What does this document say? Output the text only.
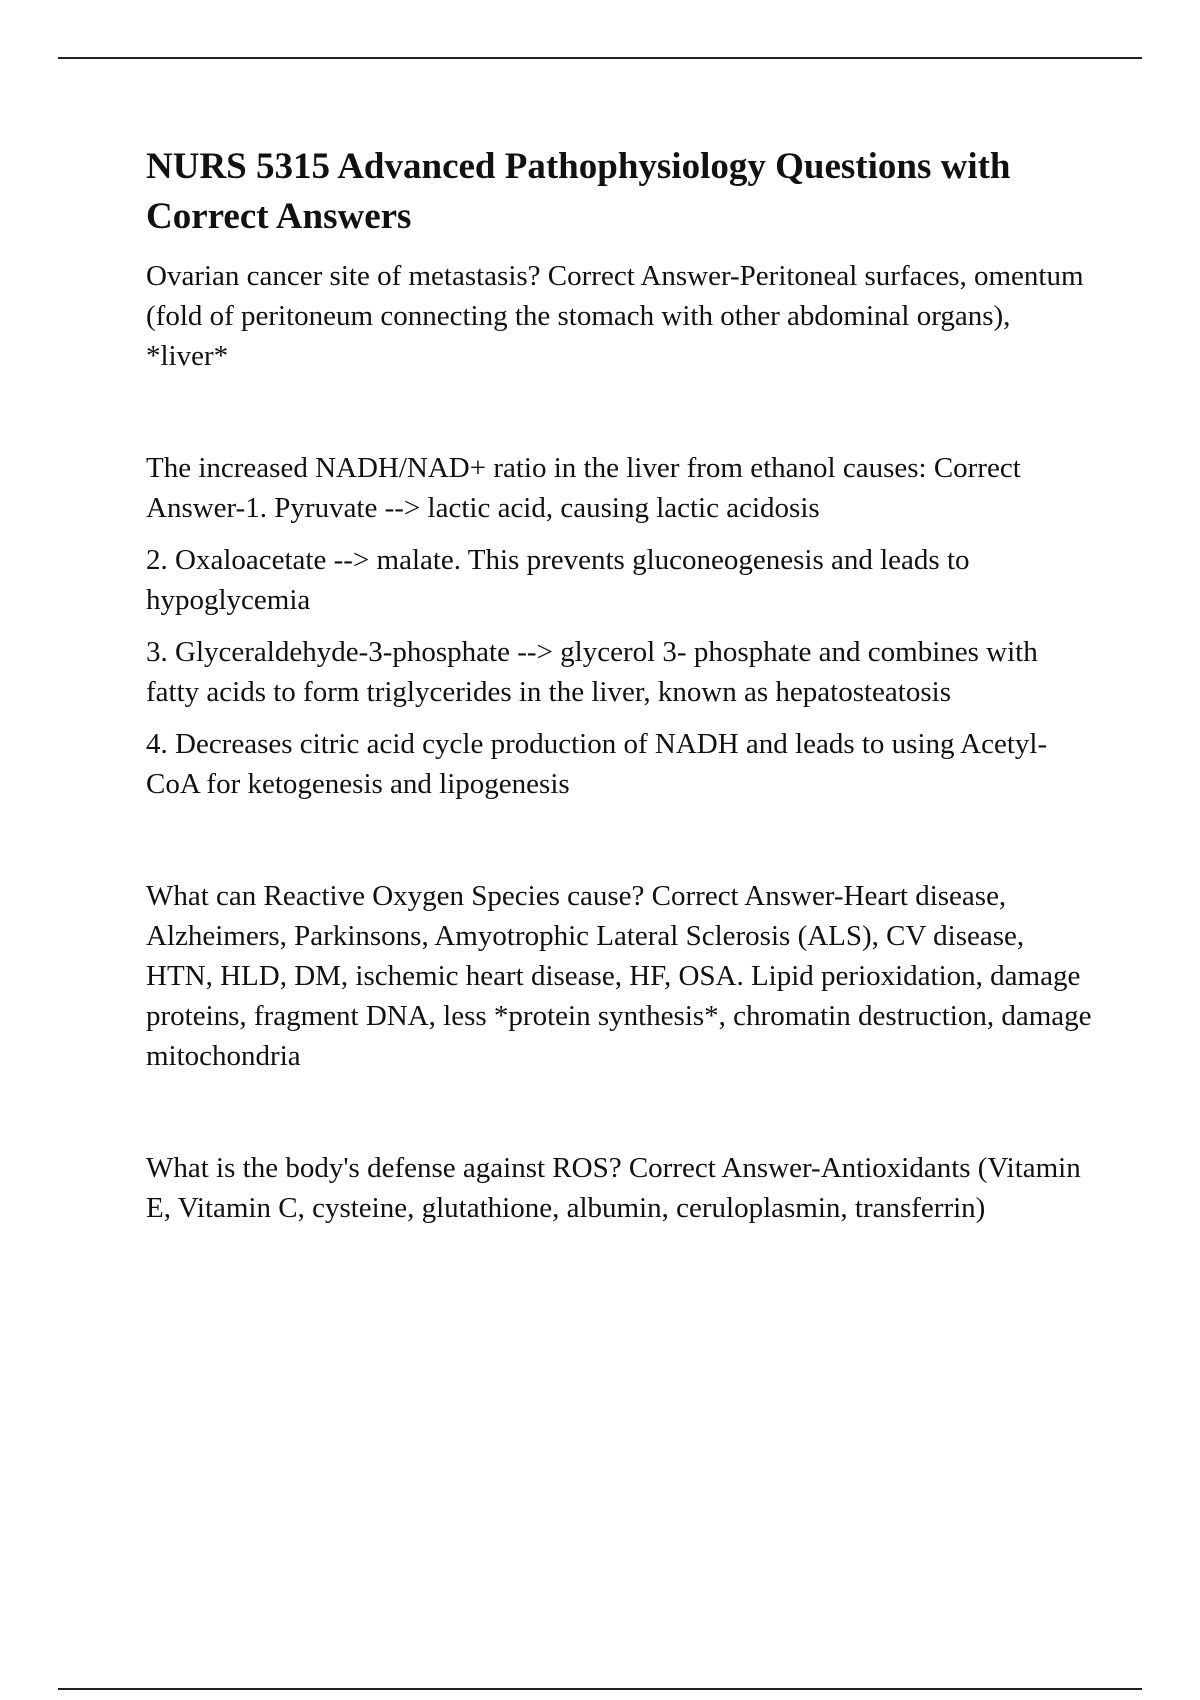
NURS 5315 Advanced Pathophysiology Questions with Correct Answers

Ovarian cancer site of metastasis? Correct Answer-Peritoneal surfaces, omentum (fold of peritoneum connecting the stomach with other abdominal organs), *liver*

The increased NADH/NAD+ ratio in the liver from ethanol causes: Correct Answer-1. Pyruvate --> lactic acid, causing lactic acidosis

2. Oxaloacetate --> malate. This prevents gluconeogenesis and leads to hypoglycemia

3. Glyceraldehyde-3-phosphate --> glycerol 3- phosphate and combines with fatty acids to form triglycerides in the liver, known as hepatosteatosis

4. Decreases citric acid cycle production of NADH and leads to using Acetyl-CoA for ketogenesis and lipogenesis

What can Reactive Oxygen Species cause? Correct Answer-Heart disease, Alzheimers, Parkinsons, Amyotrophic Lateral Sclerosis (ALS), CV disease, HTN, HLD, DM, ischemic heart disease, HF, OSA. Lipid perioxidation, damage proteins, fragment DNA, less *protein synthesis*, chromatin destruction, damage mitochondria

What is the body's defense against ROS? Correct Answer-Antioxidants (Vitamin E, Vitamin C, cysteine, glutathione, albumin, ceruloplasmin, transferrin)
